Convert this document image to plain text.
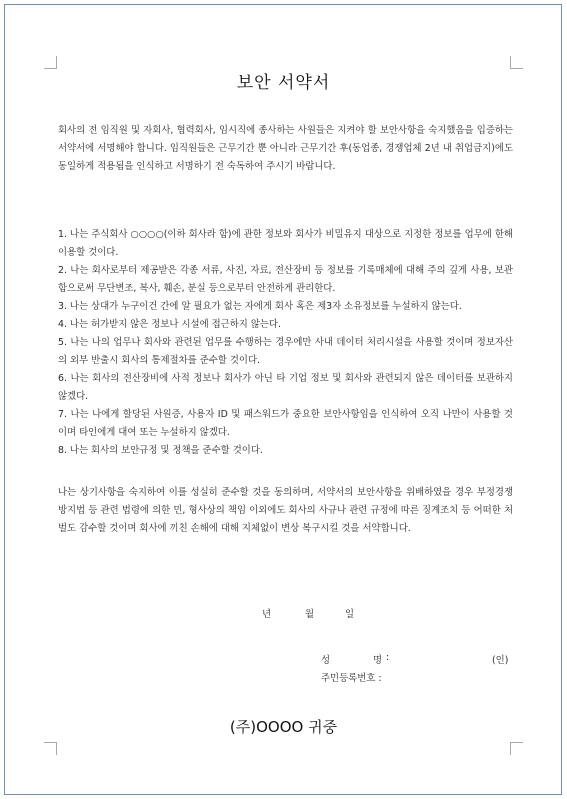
보안 서약서

회사의 전 임직원 및 자회사, 협력회사, 임시직에 종사하는 사원들은 지켜야 할 보안사항을 숙지했음을 입증하는 서약서에 서명해야 합니다. 임직원들은 근무기간 뿐 아니라 근무기간 후(동업종, 경쟁업체 2년 내 취업금지)에도 동일하게 적용됨을 인식하고 서명하기 전 숙독하여 주시기 바랍니다.

1. 나는 주식회사 ○○○○(이하 회사라 함)에 관한 정보와 회사가 비밀유지 대상으로 지정한 정보를 업무에 한해 이용할 것이다.

2. 나는 회사로부터 제공받은 각종 서류, 사진, 자료, 전산장비 등 정보를 기록매체에 대해 주의 깊게 사용, 보관함으로써 무단변조, 복사, 훼손, 분실 등으로부터 안전하게 관리한다.

3. 나는 상대가 누구이건 간에 알 필요가 없는 자에게 회사 혹은 제3자 소유정보를 누설하지 않는다.

4. 나는 허가받지 않은 정보나 시설에 접근하지 않는다.

5. 나는 나의 업무나 회사와 관련된 업무를 수행하는 경우에만 사내 데이터 처리시설을 사용할 것이며 정보자산의 외부 반출시 회사의 통제절차를 준수할 것이다.

6. 나는 회사의 전산장비에 사적 정보나 회사가 아닌 타 기업 정보 및 회사와 관련되지 않은 데이터를 보관하지 않겠다.

7. 나는 나에게 할당된 사원증, 사용자 ID 및 패스워드가 중요한 보안사항임을 인식하여 오직 나만이 사용할 것이며 타인에게 대여 또는 누설하지 않겠다.

8. 나는 회사의 보안규정 및 정책을 준수할 것이다.

나는 상기사항을 숙지하여 이를 성실히 준수할 것을 동의하며, 서약서의 보안사항을 위배하였을 경우 부정경쟁방지법 등 관련 법령에 의한 민, 형사상의 책임 이외에도 회사의 사규나 관련 규정에 따른 징계조치 등 어떠한 처벌도 감수할 것이며 회사에 끼친 손해에 대해 지체없이 변상 복구시킬 것을 서약합니다.

년	월	일
성	명 :	(인)
주민등록번호 :
(주)OOOO 귀중
